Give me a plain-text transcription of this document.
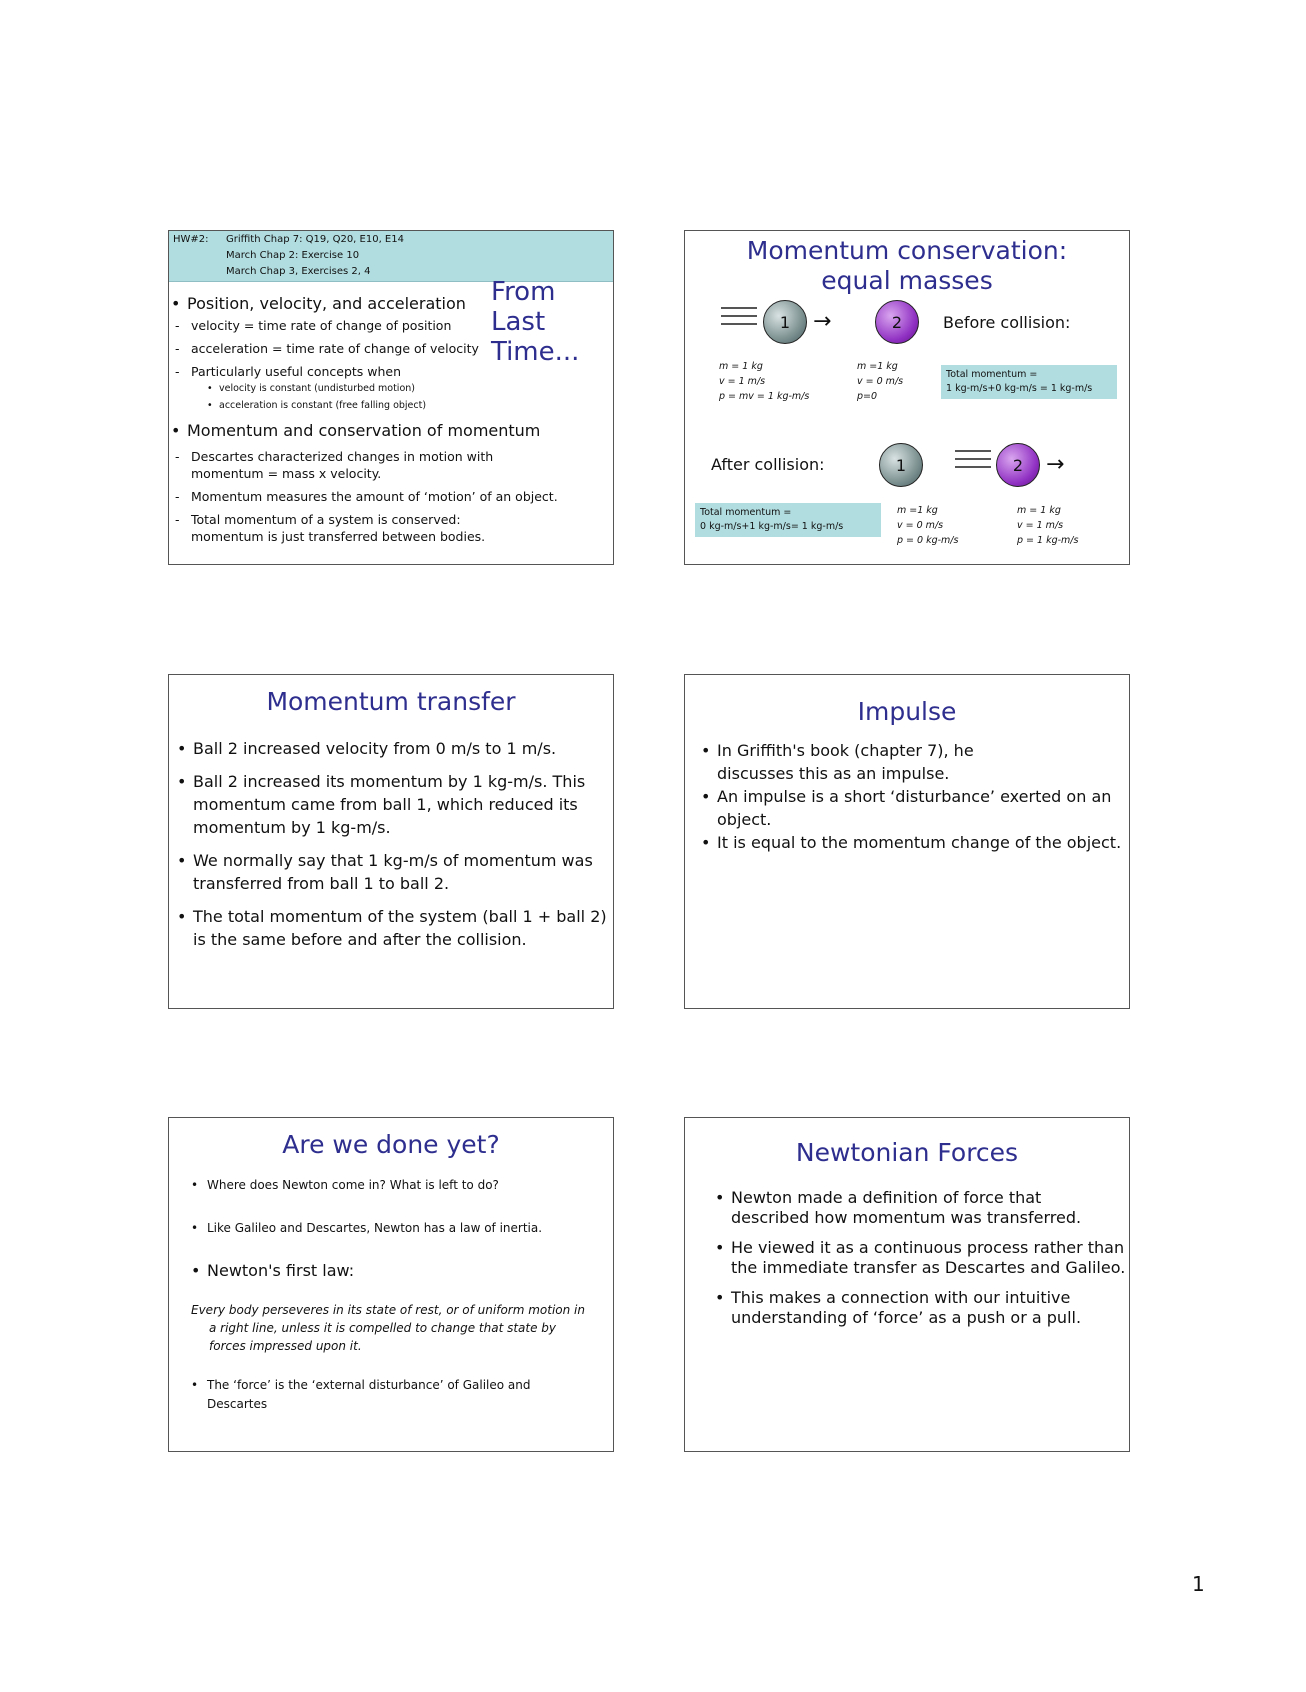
HW#2: Griffith Chap 7: Q19, Q20, E10, E14
March Chap 2: Exercise 10
March Chap 3, Exercises 2, 4
From Last
Time...
• Position, velocity, and acceleration
- velocity = time rate of change of position
- acceleration = time rate of change of velocity
- Particularly useful concepts when
• velocity is constant (undisturbed motion)
• acceleration is constant (free falling object)
• Momentum and conservation of momentum
- Descartes characterized changes in motion with momentum = mass x velocity.
- Momentum measures the amount of ‘motion’ of an object.
- Total momentum of a system is conserved: momentum is just transferred between bodies.
Momentum conservation: equal masses
1 →	2	Before collision:
m = 1 kg
v = 1 m/s
p = mv = 1 kg-m/s
m =1 kg
v = 0 m/s
p=0
Total momentum =
1 kg-m/s+0 kg-m/s = 1 kg-m/s
After collision:	1	2 →
Total momentum =
0 kg-m/s+1 kg-m/s= 1 kg-m/s
m =1 kg
v = 0 m/s
p = 0 kg-m/s
m = 1 kg
v = 1 m/s
p = 1 kg-m/s
Momentum transfer
• Ball 2 increased velocity from 0 m/s to 1 m/s.
• Ball 2 increased its momentum by 1 kg-m/s. This momentum came from ball 1, which reduced its momentum by 1 kg-m/s.
• We normally say that 1 kg-m/s of momentum was transferred from ball 1 to ball 2.
• The total momentum of the system (ball 1 + ball 2) is the same before and after the collision.
Impulse
• In Griffith's book (chapter 7), he discusses this as an impulse.
• An impulse is a short ‘disturbance’ exerted on an object.
• It is equal to the momentum change of the object.
Are we done yet?
• Where does Newton come in? What is left to do?
• Like Galileo and Descartes, Newton has a law of inertia.
• Newton's first law:
Every body perseveres in its state of rest, or of uniform motion in a right line, unless it is compelled to change that state by forces impressed upon it.
• The ‘force’ is the ‘external disturbance’ of Galileo and Descartes
Newtonian Forces
• Newton made a definition of force that described how momentum was transferred.
• He viewed it as a continuous process rather than the immediate transfer as Descartes and Galileo.
• This makes a connection with our intuitive understanding of ‘force’ as a push or a pull.
1
